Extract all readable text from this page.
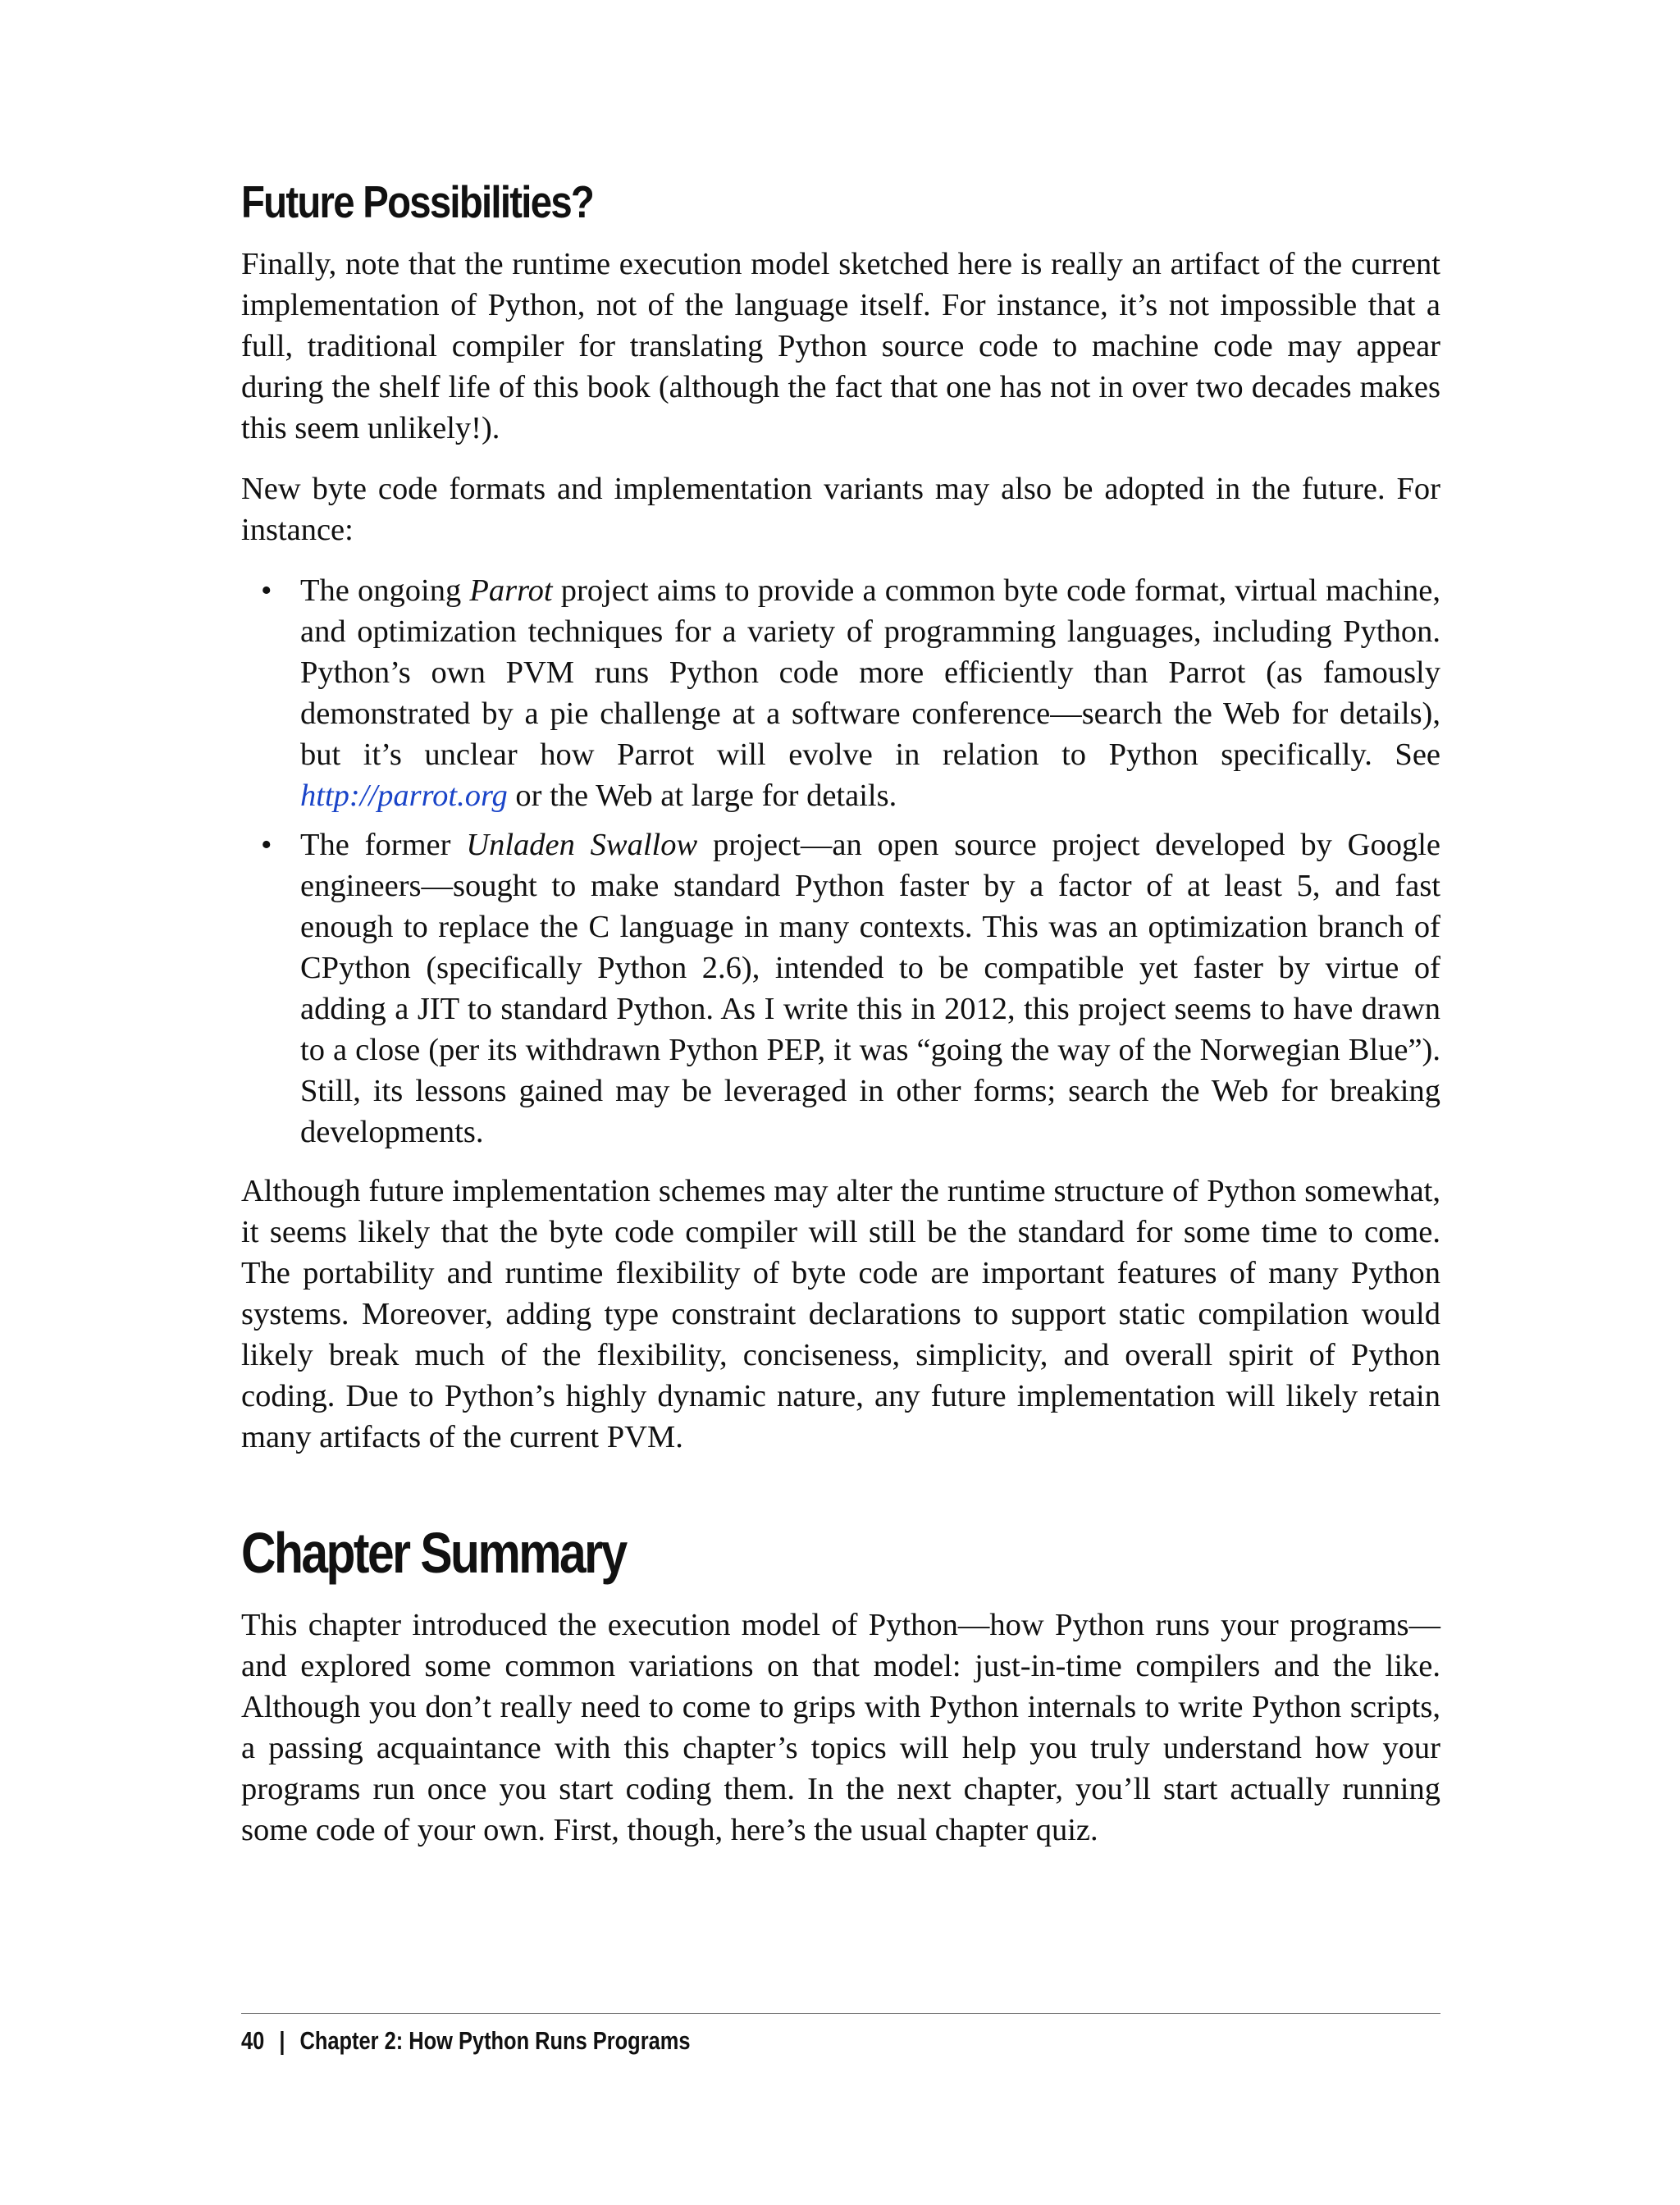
Future Possibilities?

Finally, note that the runtime execution model sketched here is really an artifact of the current implementation of Python, not of the language itself. For instance, it’s not impossible that a full, traditional compiler for translating Python source code to machine code may appear during the shelf life of this book (although the fact that one has not in over two decades makes this seem unlikely!).

New byte code formats and implementation variants may also be adopted in the future. For instance:

• The ongoing Parrot project aims to provide a common byte code format, virtual machine, and optimization techniques for a variety of programming languages, including Python. Python’s own PVM runs Python code more efficiently than Parrot (as famously demonstrated by a pie challenge at a software conference—search the Web for details), but it’s unclear how Parrot will evolve in relation to Python specifically. See http://parrot.org or the Web at large for details.
• The former Unladen Swallow project—an open source project developed by Google engineers—sought to make standard Python faster by a factor of at least 5, and fast enough to replace the C language in many contexts. This was an optimization branch of CPython (specifically Python 2.6), intended to be compatible yet faster by virtue of adding a JIT to standard Python. As I write this in 2012, this project seems to have drawn to a close (per its withdrawn Python PEP, it was “going the way of the Norwegian Blue”). Still, its lessons gained may be leveraged in other forms; search the Web for breaking developments.

Although future implementation schemes may alter the runtime structure of Python somewhat, it seems likely that the byte code compiler will still be the standard for some time to come. The portability and runtime flexibility of byte code are important features of many Python systems. Moreover, adding type constraint declarations to support static compilation would likely break much of the flexibility, conciseness, simplicity, and overall spirit of Python coding. Due to Python’s highly dynamic nature, any future implementation will likely retain many artifacts of the current PVM.

Chapter Summary

This chapter introduced the execution model of Python—how Python runs your programs—and explored some common variations on that model: just-in-time compilers and the like. Although you don’t really need to come to grips with Python internals to write Python scripts, a passing acquaintance with this chapter’s topics will help you truly understand how your programs run once you start coding them. In the next chapter, you’ll start actually running some code of your own. First, though, here’s the usual chapter quiz.

40 | Chapter 2: How Python Runs Programs
